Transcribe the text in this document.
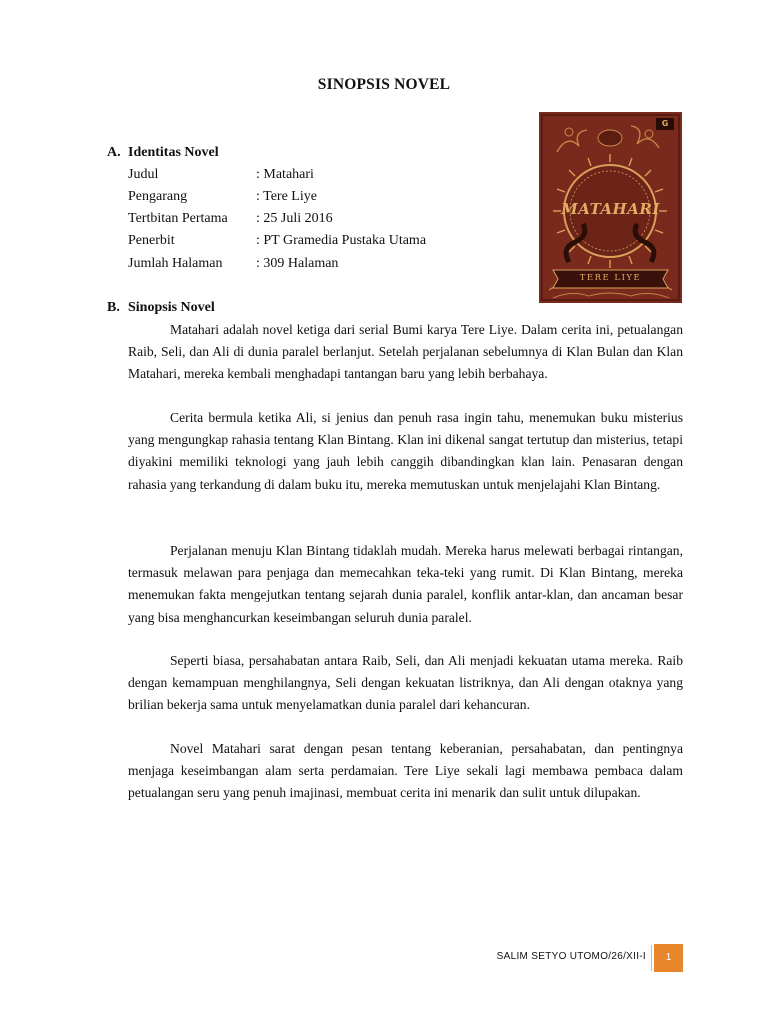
SINOPSIS NOVEL
A. Identitas Novel
Judul	: Matahari
Pengarang	: Tere Liye
Tertbitan Pertama : 25 Juli 2016
Penerbit	: PT Gramedia Pustaka Utama
Jumlah Halaman : 309 Halaman
MATAHARI
TERE LIYE
G
B. Sinopsis Novel

Matahari adalah novel ketiga dari serial Bumi karya Tere Liye. Dalam cerita ini, petualangan Raib, Seli, dan Ali di dunia paralel berlanjut. Setelah perjalanan sebelumnya di Klan Bulan dan Klan Matahari, mereka kembali menghadapi tantangan baru yang lebih berbahaya.

Cerita bermula ketika Ali, si jenius dan penuh rasa ingin tahu, menemukan buku misterius yang mengungkap rahasia tentang Klan Bintang. Klan ini dikenal sangat tertutup dan misterius, tetapi diyakini memiliki teknologi yang jauh lebih canggih dibandingkan klan lain. Penasaran dengan rahasia yang terkandung di dalam buku itu, mereka memutuskan untuk menjelajahi Klan Bintang.

Perjalanan menuju Klan Bintang tidaklah mudah. Mereka harus melewati berbagai rintangan, termasuk melawan para penjaga dan memecahkan teka-teki yang rumit. Di Klan Bintang, mereka menemukan fakta mengejutkan tentang sejarah dunia paralel, konflik antar-klan, dan ancaman besar yang bisa menghancurkan keseimbangan seluruh dunia paralel.

Seperti biasa, persahabatan antara Raib, Seli, dan Ali menjadi kekuatan utama mereka. Raib dengan kemampuan menghilangnya, Seli dengan kekuatan listriknya, dan Ali dengan otaknya yang brilian bekerja sama untuk menyelamatkan dunia paralel dari kehancuran.

Novel Matahari sarat dengan pesan tentang keberanian, persahabatan, dan pentingnya menjaga keseimbangan alam serta perdamaian. Tere Liye sekali lagi membawa pembaca dalam petualangan seru yang penuh imajinasi, membuat cerita ini menarik dan sulit untuk dilupakan.

SALIM SETYO UTOMO/26/XII-I	1
